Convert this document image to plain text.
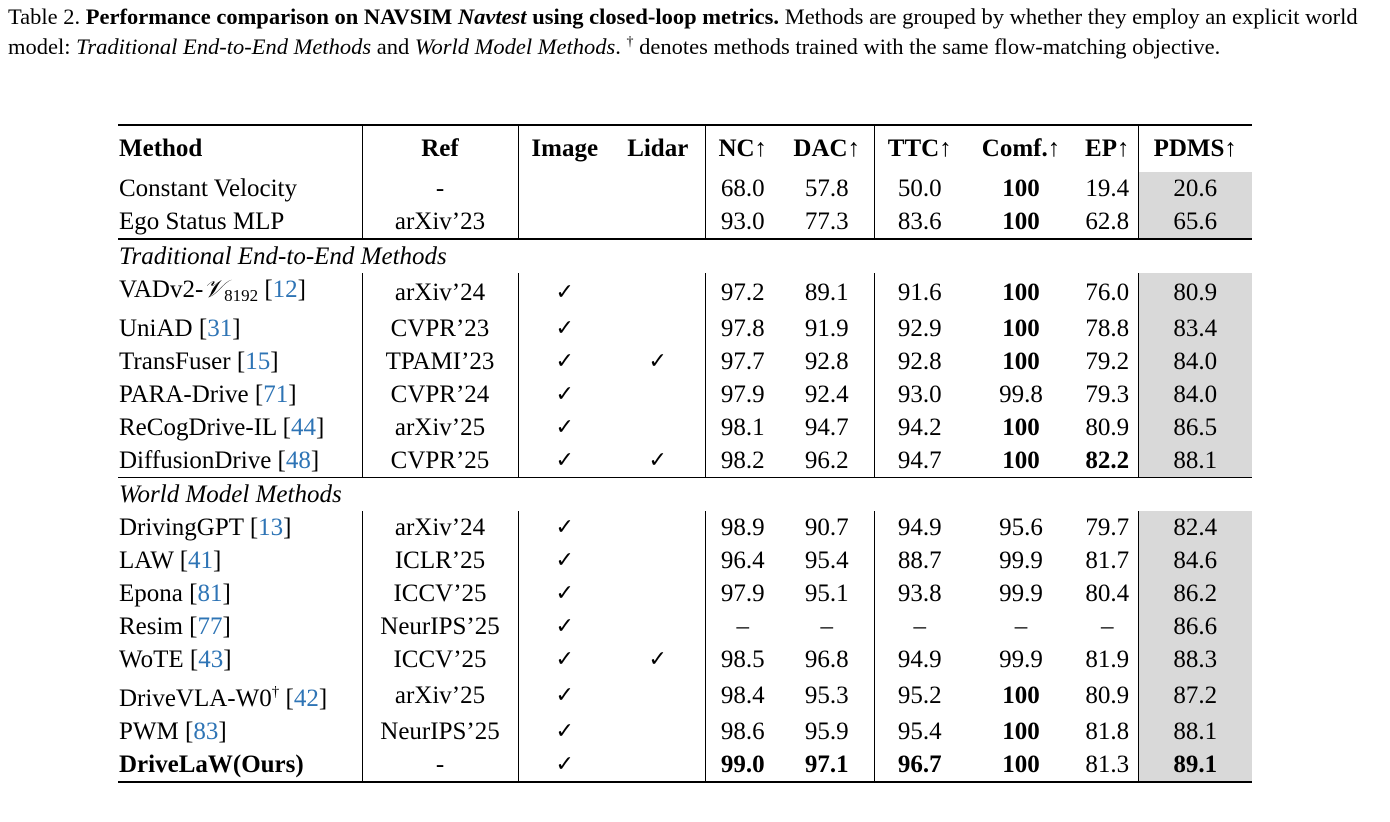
Table 2. Performance comparison on NAVSIM Navtest using closed-loop metrics. Methods are grouped by whether they employ an explicit world model: Traditional End-to-End Methods and World Model Methods. † denotes methods trained with the same flow-matching objective.
Method	Ref	Image	Lidar	NC↑	DAC↑	TTC↑	Comf.↑	EP↑	PDMS↑
Constant Velocity	-			68.0	57.8	50.0	100	19.4	20.6
Ego Status MLP	arXiv’23			93.0	77.3	83.6	100	62.8	65.6
Traditional End-to-End Methods									
VADv2-𝒱$_{8192}$ [12]	arXiv’24	✓		97.2	89.1	91.6	100	76.0	80.9
UniAD [31]	CVPR’23	✓		97.8	91.9	92.9	100	78.8	83.4
TransFuser [15]	TPAMI’23	✓	✓	97.7	92.8	92.8	100	79.2	84.0
PARA-Drive [71]	CVPR’24	✓		97.9	92.4	93.0	99.8	79.3	84.0
ReCogDrive-IL [44]	arXiv’25	✓		98.1	94.7	94.2	100	80.9	86.5
DiffusionDrive [48]	CVPR’25	✓	✓	98.2	96.2	94.7	100	82.2	88.1
World Model Methods									
DrivingGPT [13]	arXiv’24	✓		98.9	90.7	94.9	95.6	79.7	82.4
LAW [41]	ICLR’25	✓		96.4	95.4	88.7	99.9	81.7	84.6
Epona [81]	ICCV’25	✓		97.9	95.1	93.8	99.9	80.4	86.2
Resim [77]	NeurIPS’25	✓		–	–	–	–	–	86.6
WoTE [43]	ICCV’25	✓	✓	98.5	96.8	94.9	99.9	81.9	88.3
DriveVLA-W0† [42]	arXiv’25	✓		98.4	95.3	95.2	100	80.9	87.2
PWM [83]	NeurIPS’25	✓		98.6	95.9	95.4	100	81.8	88.1
DriveLaW(Ours)	-	✓		99.0	97.1	96.7	100	81.3	89.1
